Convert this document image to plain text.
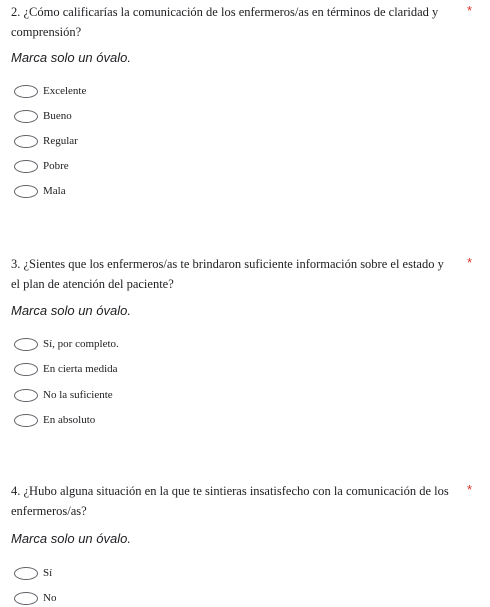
2. ¿Cómo calificarías la comunicación de los enfermeros/as en términos de claridad y comprensión?
*
Marca solo un óvalo.
Excelente
Bueno
Regular
Pobre
Mala
3. ¿Sientes que los enfermeros/as te brindaron suficiente información sobre el estado y el plan de atención del paciente?
*
Marca solo un óvalo.
Sí, por completo.
En cierta medida
No la suficiente
En absoluto
4. ¿Hubo alguna situación en la que te sintieras insatisfecho con la comunicación de los enfermeros/as?
*
Marca solo un óvalo.
Sí
No
